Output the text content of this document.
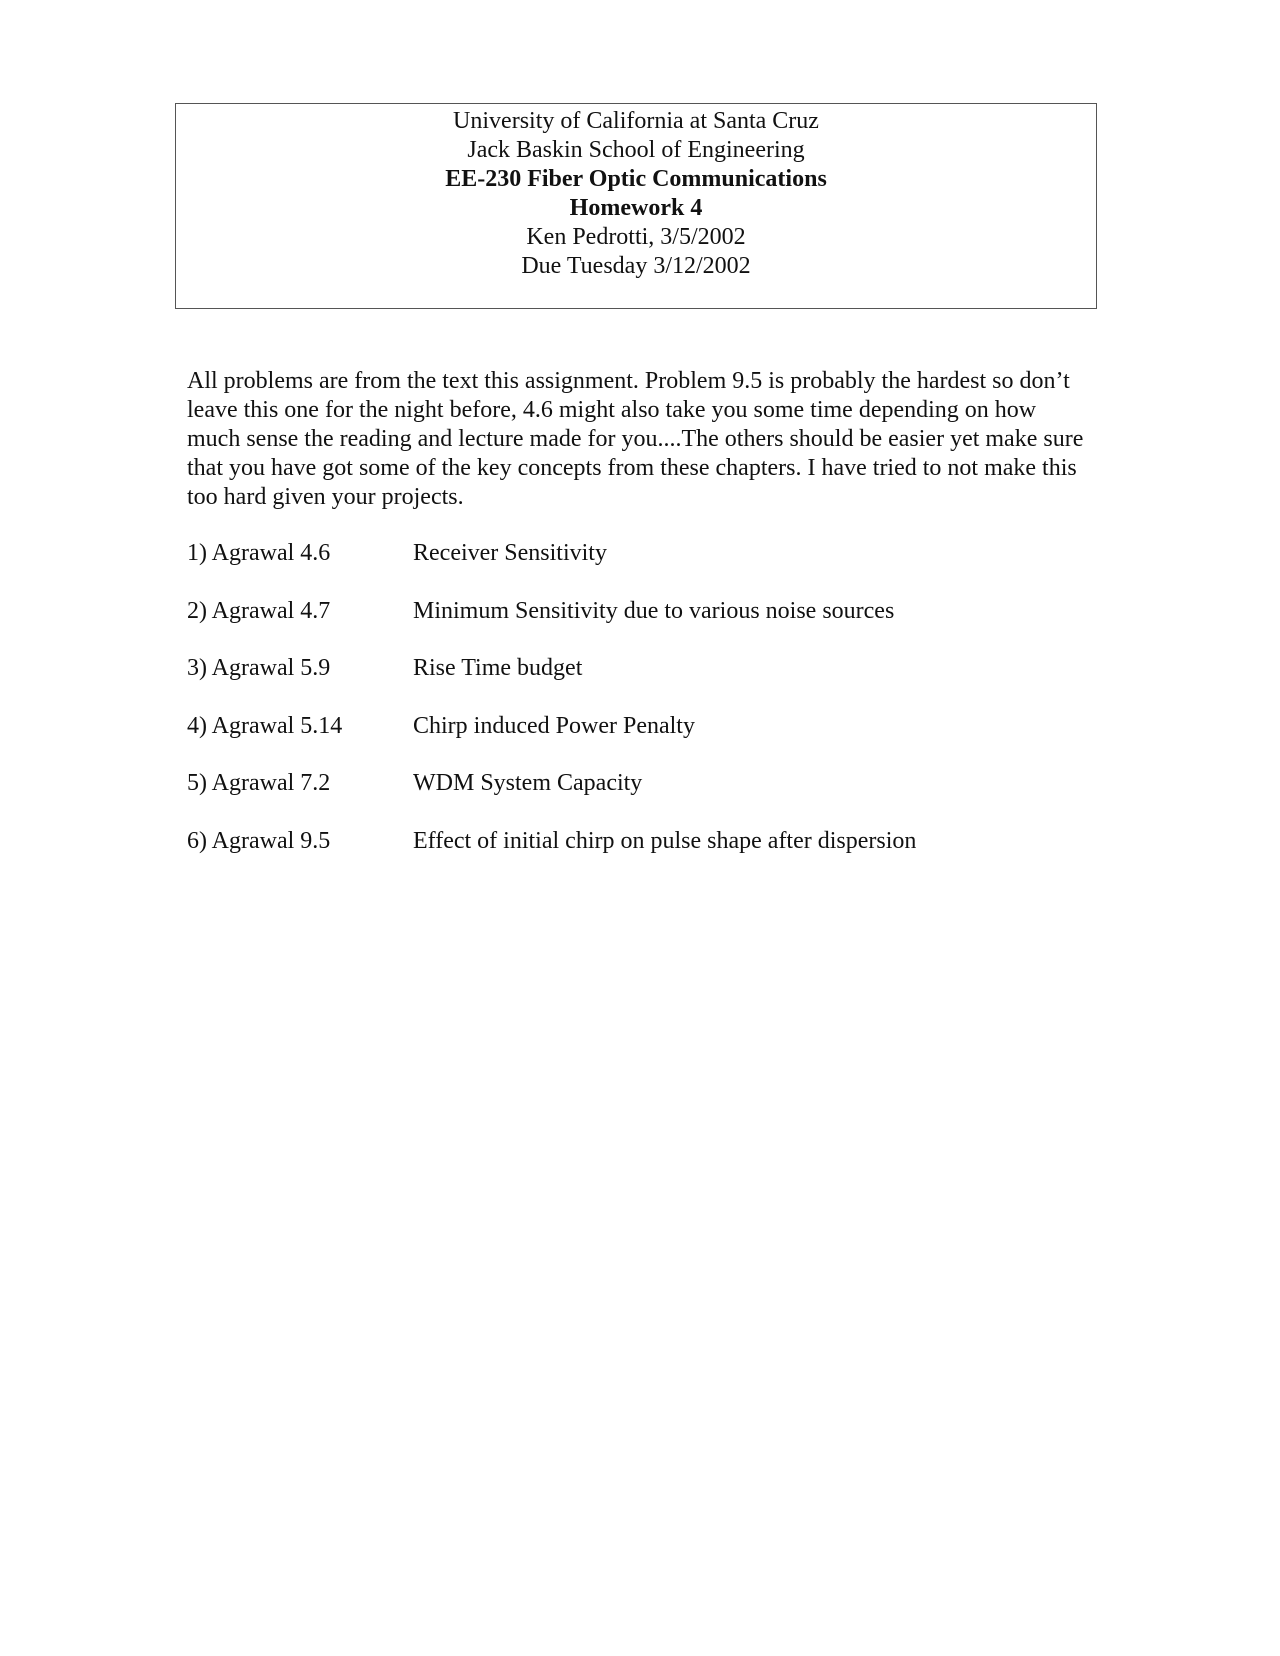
University of California at Santa Cruz

Jack Baskin School of Engineering

EE-230 Fiber Optic Communications

Homework 4

Ken Pedrotti, 3/5/2002

Due Tuesday 3/12/2002

All problems are from the text this assignment. Problem 9.5 is probably the hardest so don’t leave this one for the night before, 4.6 might also take you some time depending on how much sense the reading and lecture made for you....The others should be easier yet make sure that you have got some of the key concepts from these chapters. I have tried to not make this too hard given your projects.

1) Agrawal 4.6	Receiver Sensitivity
2) Agrawal 4.7	Minimum Sensitivity due to various noise sources
3) Agrawal 5.9	Rise Time budget
4) Agrawal 5.14	Chirp induced Power Penalty
5) Agrawal 7.2	WDM System Capacity
6) Agrawal 9.5	Effect of initial chirp on pulse shape after dispersion
